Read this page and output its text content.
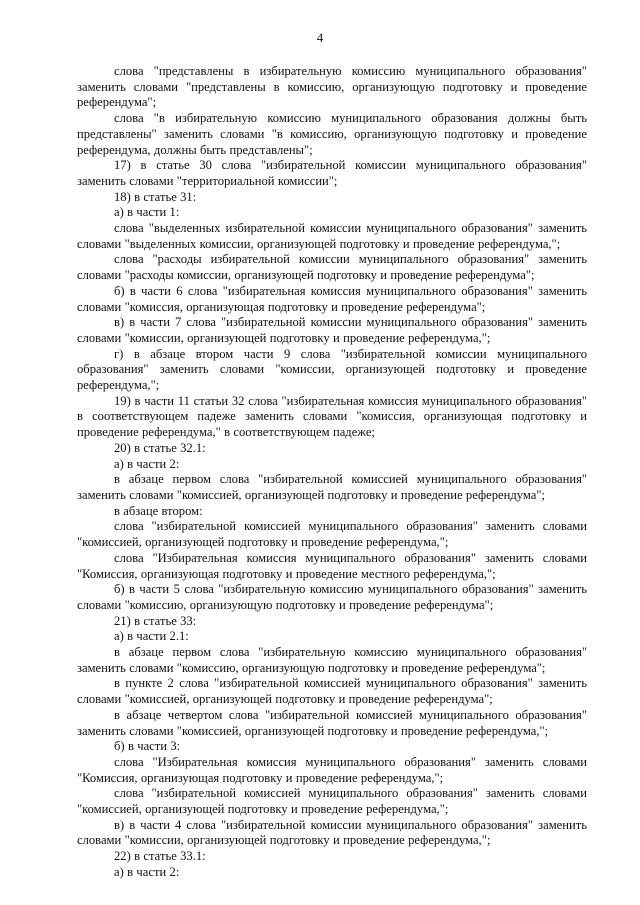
4

слова "представлены в избирательную комиссию муниципального образования" заменить словами "представлены в комиссию, организующую подготовку и проведение референдума";

слова "в избирательную комиссию муниципального образования должны быть представлены" заменить словами "в комиссию, организующую подготовку и проведение референдума, должны быть представлены";

17) в статье 30 слова "избирательной комиссии муниципального образования" заменить словами "территориальной комиссии";

18) в статье 31:

а) в части 1:

слова "выделенных избирательной комиссии муниципального образования" заменить словами "выделенных комиссии, организующей подготовку и проведение референдума,";

слова "расходы избирательной комиссии муниципального образования" заменить словами "расходы комиссии, организующей подготовку и проведение референдума";

б) в части 6 слова "избирательная комиссия муниципального образования" заменить словами "комиссия, организующая подготовку и проведение референдума";

в) в части 7 слова "избирательной комиссии муниципального образования" заменить словами "комиссии, организующей подготовку и проведение референдума,";

г) в абзаце втором части 9 слова "избирательной комиссии муниципального образования" заменить словами "комиссии, организующей подготовку и проведение референдума,";

19) в части 11 статьи 32 слова "избирательная комиссия муниципального образования" в соответствующем падеже заменить словами "комиссия, организующая подготовку и проведение референдума," в соответствующем падеже;

20) в статье 32.1:

а) в части 2:

в абзаце первом слова "избирательной комиссией муниципального образования" заменить словами "комиссией, организующей подготовку и проведение референдума";

в абзаце втором:

слова "избирательной комиссией муниципального образования" заменить словами "комиссией, организующей подготовку и проведение референдума,";

слова "Избирательная комиссия муниципального образования" заменить словами "Комиссия, организующая подготовку и проведение местного референдума,";

б) в части 5 слова "избирательную комиссию муниципального образования" заменить словами "комиссию, организующую подготовку и проведение референдума";

21) в статье 33:

а) в части 2.1:

в абзаце первом слова "избирательную комиссию муниципального образования" заменить словами "комиссию, организующую подготовку и проведение референдума";

в пункте 2 слова "избирательной комиссией муниципального образования" заменить словами "комиссией, организующей подготовку и проведение референдума";

в абзаце четвертом слова "избирательной комиссией муниципального образования" заменить словами "комиссией, организующей подготовку и проведение референдума,";

б) в части 3:

слова "Избирательная комиссия муниципального образования" заменить словами "Комиссия, организующая подготовку и проведение референдума,";

слова "избирательной комиссией муниципального образования" заменить словами "комиссией, организующей подготовку и проведение референдума,";

в) в части 4 слова "избирательной комиссии муниципального образования" заменить словами "комиссии, организующей подготовку и проведение референдума,";

22) в статье 33.1:

а) в части 2:
